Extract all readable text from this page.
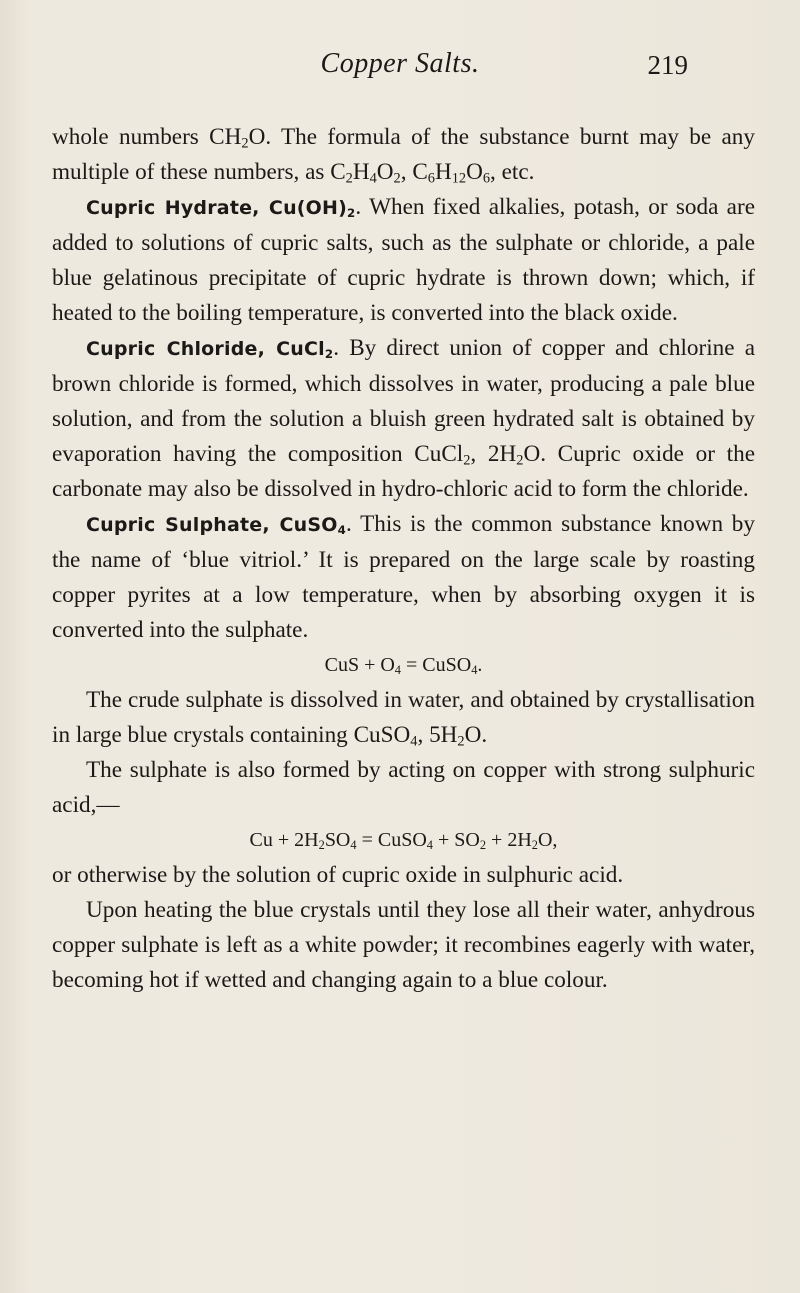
Copper Salts.	219

whole numbers $CH_2O$. The formula of the substance burnt may be any multiple of these numbers, as $C_2H_4O_2$, $C_6H_{12}O_6$, etc.

Cupric Hydrate, $Cu(OH)_2$. When fixed alkalies, potash, or soda are added to solutions of cupric salts, such as the sulphate or chloride, a pale blue gelatinous precipitate of cupric hydrate is thrown down; which, if heated to the boiling temperature, is converted into the black oxide.

Cupric Chloride, CuCl$_2$. By direct union of copper and chlorine a brown chloride is formed, which dissolves in water, producing a pale blue solution, and from the solution a bluish green hydrated salt is obtained by evaporation having the composition CuCl$_2$, $2H_2O$. Cupric oxide or the carbonate may also be dissolved in hydro-chloric acid to form the chloride.

Cupric Sulphate, CuSO$_4$. This is the common substance known by the name of ‘blue vitriol.’ It is prepared on the large scale by roasting copper pyrites at a low temperature, when by absorbing oxygen it is converted into the sulphate.

CuS + $O_4$ = CuSO$_4$.

The crude sulphate is dissolved in water, and obtained by crystallisation in large blue crystals containing CuSO$_4$, $5H_2O$.

The sulphate is also formed by acting on copper with strong sulphuric acid,—

$Cu + 2H_2SO_4$ = CuSO$_4$ + $SO_2 + 2H_2O$,

or otherwise by the solution of cupric oxide in sulphuric acid.

Upon heating the blue crystals until they lose all their water, anhydrous copper sulphate is left as a white powder; it recombines eagerly with water, becoming hot if wetted and changing again to a blue colour.
